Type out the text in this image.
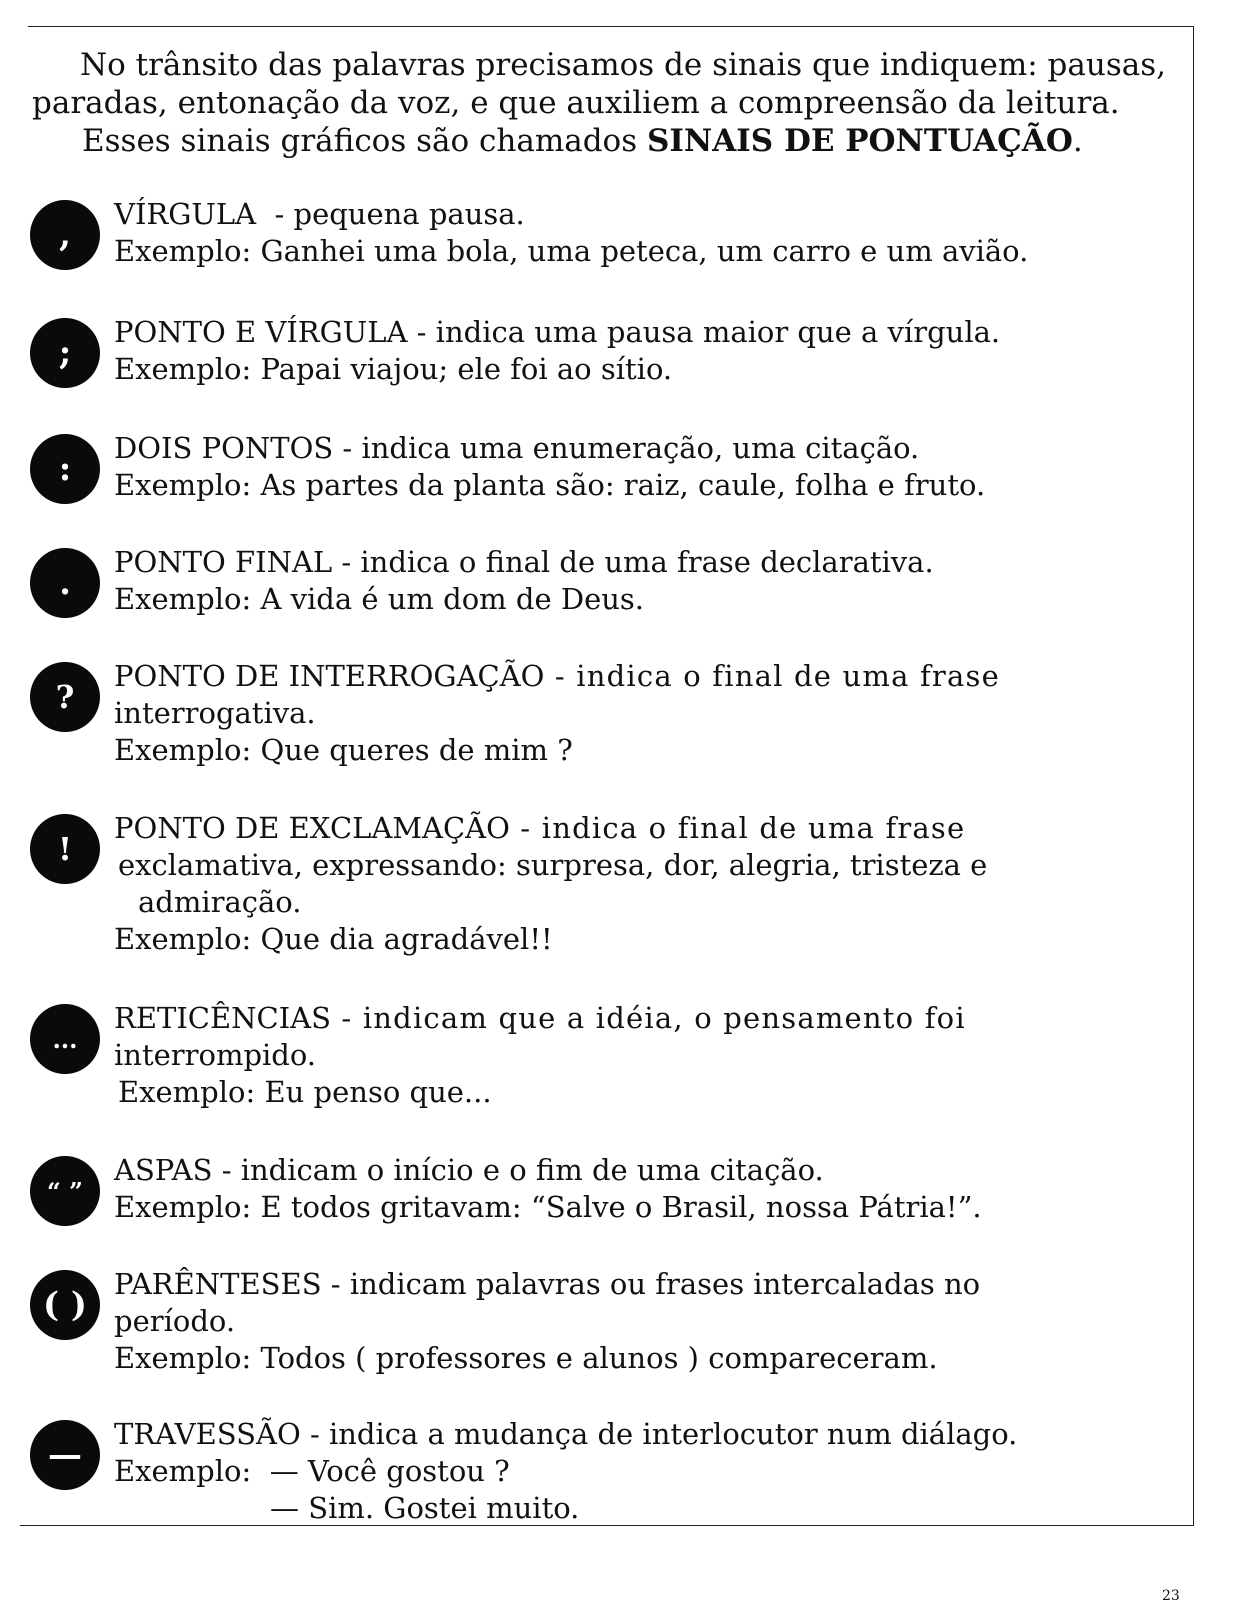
No trânsito das palavras precisamos de sinais que indiquem: pausas,

paradas, entonação da voz, e que auxiliem a compreensão da leitura.

Esses sinais gráficos são chamados SINAIS DE PONTUAÇÃO.

,
VÍRGULA  - pequena pausa.
Exemplo: Ganhei uma bola, uma peteca, um carro e um avião.
;
PONTO E VÍRGULA - indica uma pausa maior que a vírgula.
Exemplo: Papai viajou; ele foi ao sítio.
:
DOIS PONTOS - indica uma enumeração, uma citação.
Exemplo: As partes da planta são: raiz, caule, folha e fruto.
.
PONTO FINAL - indica o final de uma frase declarativa.
Exemplo: A vida é um dom de Deus.
?
PONTO DE INTERROGAÇÃO - indica o final de uma frase
interrogativa.
Exemplo: Que queres de mim ?
!
PONTO DE EXCLAMAÇÃO - indica o final de uma frase
exclamativa, expressando: surpresa, dor, alegria, tristeza e
admiração.
Exemplo: Que dia agradável!!
...
RETICÊNCIAS - indicam que a idéia, o pensamento foi
interrompido.
Exemplo: Eu penso que...
“ ”
ASPAS - indicam o início e o fim de uma citação.
Exemplo: E todos gritavam: “Salve o Brasil, nossa Pátria!”.
( )
PARÊNTESES - indicam palavras ou frases intercaladas no
período.
Exemplo: Todos ( professores e alunos ) compareceram.
—
TRAVESSÃO - indica a mudança de interlocutor num diálago.
Exemplo:  — Você gostou ?
— Sim. Gostei muito.
23
